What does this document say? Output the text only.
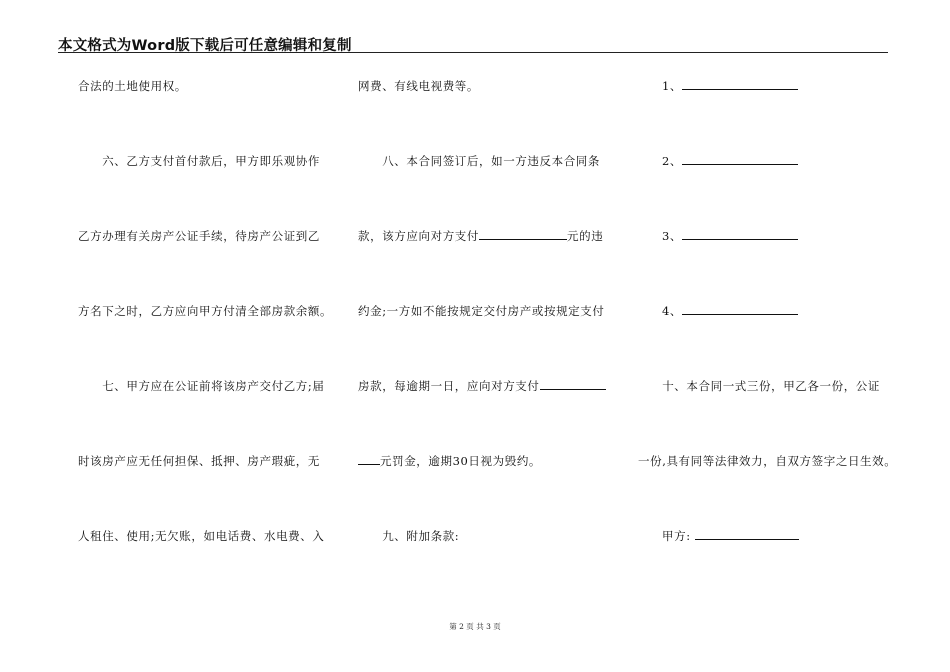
本文格式为Word版下载后可任意编辑和复制
合法的土地使用权。
　　六、乙方支付首付款后，甲方即乐观协作
乙方办理有关房产公证手续，待房产公证到乙
方名下之时，乙方应向甲方付清全部房款余额。
　　七、甲方应在公证前将该房产交付乙方;届
时该房产应无任何担保、抵押、房产瑕疵，无
人租住、使用;无欠账，如电话费、水电费、入
网费、有线电视费等。
　　八、本合同签订后，如一方违反本合同条
款，该方应向对方支付	元的违
约金;一方如不能按规定交付房产或按规定支付
房款，每逾期一日，应向对方支付
元罚金，逾期30日视为毁约。
　　九、附加条款:
1、
2、
3、
4、
　　十、本合同一式三份，甲乙各一份，公证
一份,具有同等法律效力，自双方签字之日生效。
甲方:
第 2 页 共 3 页
